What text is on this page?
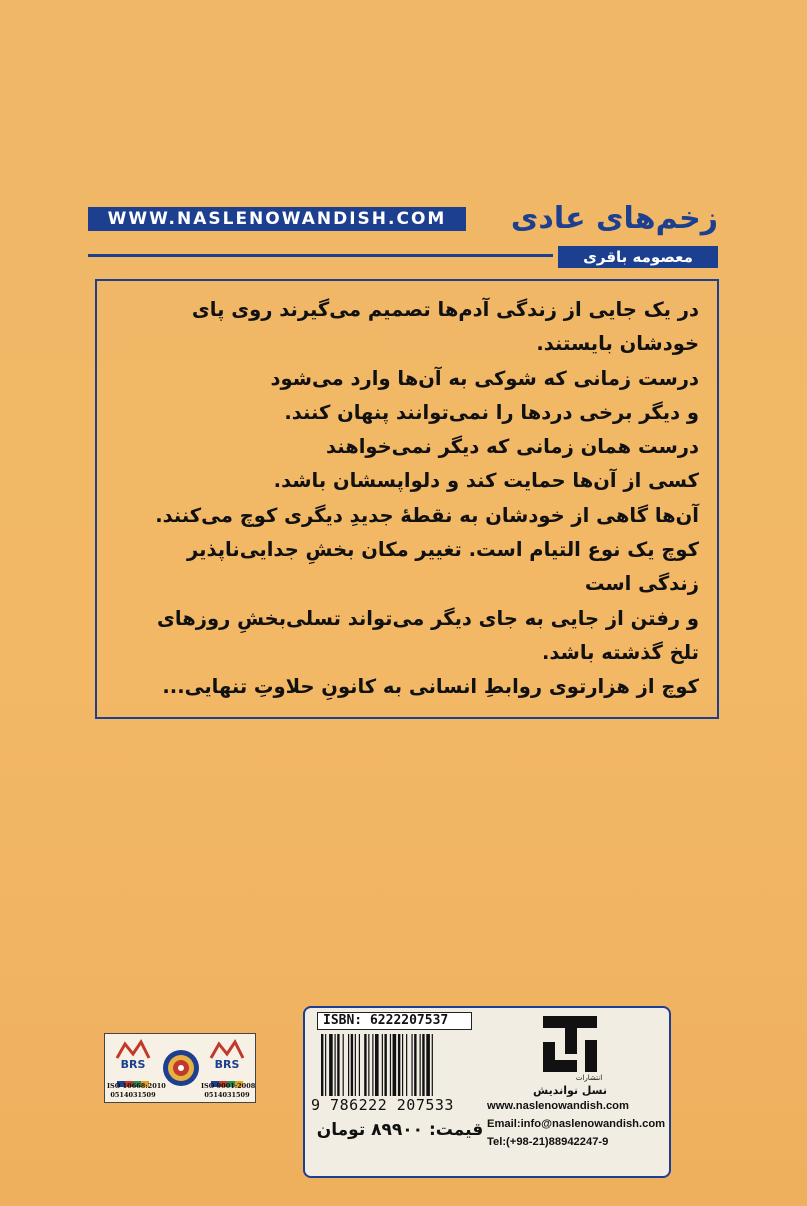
WWW.NASLENOWANDISH.COM	زخم‌های عادی
معصومه باقری
در یک جایی از زندگی آدم‌ها تصمیم می‌گیرند روی پای
خودشان بایستند.
درست زمانی که شوکی به آن‌ها وارد می‌شود
و دیگر برخی دردها را نمی‌توانند پنهان کنند.
درست همان زمانی که دیگر نمی‌خواهند
کسی از آن‌ها حمایت کند و دلواپسشان باشد.
آن‌ها گاهی از خودشان به نقطهٔ جدیدِ دیگری کوچ می‌کنند.
کوچ یک نوع التیام است. تغییر مکان بخشِ جدایی‌ناپذیر
زندگی است
و رفتن از جایی به جای دیگر می‌تواند تسلی‌بخشِ روزهای
تلخ گذشته باشد.
کوچ از هزارتوی روابطِ انسانی به کانونِ حلاوتِ تنهایی...
BRS
ISO 10668:2010
0514031509
BRS
ISO 9001:2008
0514031509
ISBN: 6222207537
9 786222 207533
قیمت: ۸۹۹۰۰ تومان
انتشارات
نسل نواندیش
www.naslenowandish.com
Email:info@naslenowandish.com
Tel:(+98-21)88942247-9
